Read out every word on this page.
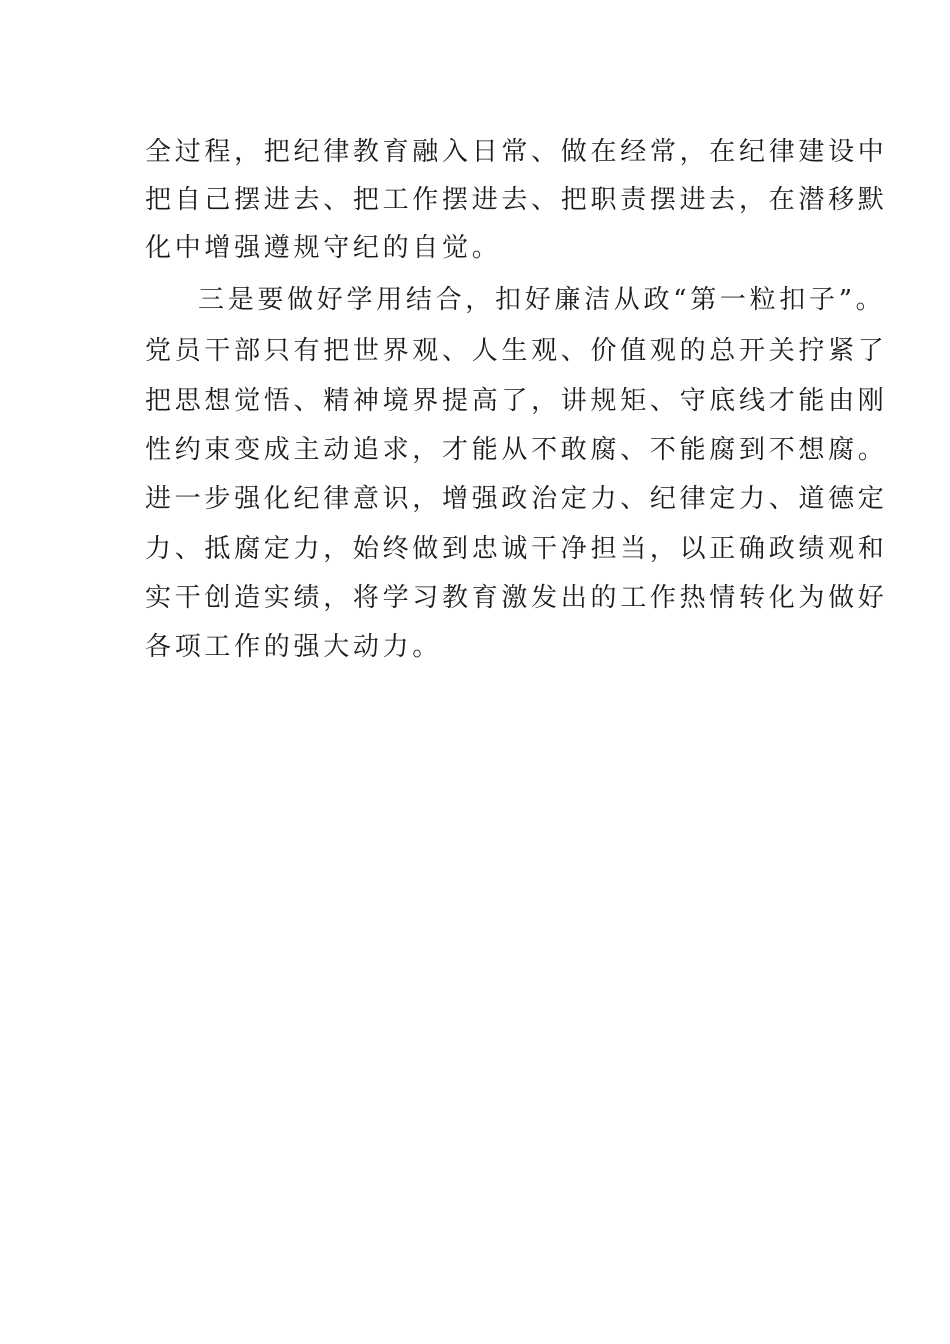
全过程，把纪律教育融入日常、做在经常，在纪律建设中

把自己摆进去、把工作摆进去、把职责摆进去，在潜移默

化中增强遵规守纪的自觉。

三是要做好学用结合，扣好廉洁从政“第一粒扣子”。

党员干部只有把世界观、人生观、价值观的总开关拧紧了

把思想觉悟、精神境界提高了，讲规矩、守底线才能由刚

性约束变成主动追求，才能从不敢腐、不能腐到不想腐。

进一步强化纪律意识，增强政治定力、纪律定力、道德定

力、抵腐定力，始终做到忠诚干净担当，以正确政绩观和

实干创造实绩，将学习教育激发出的工作热情转化为做好

各项工作的强大动力。
